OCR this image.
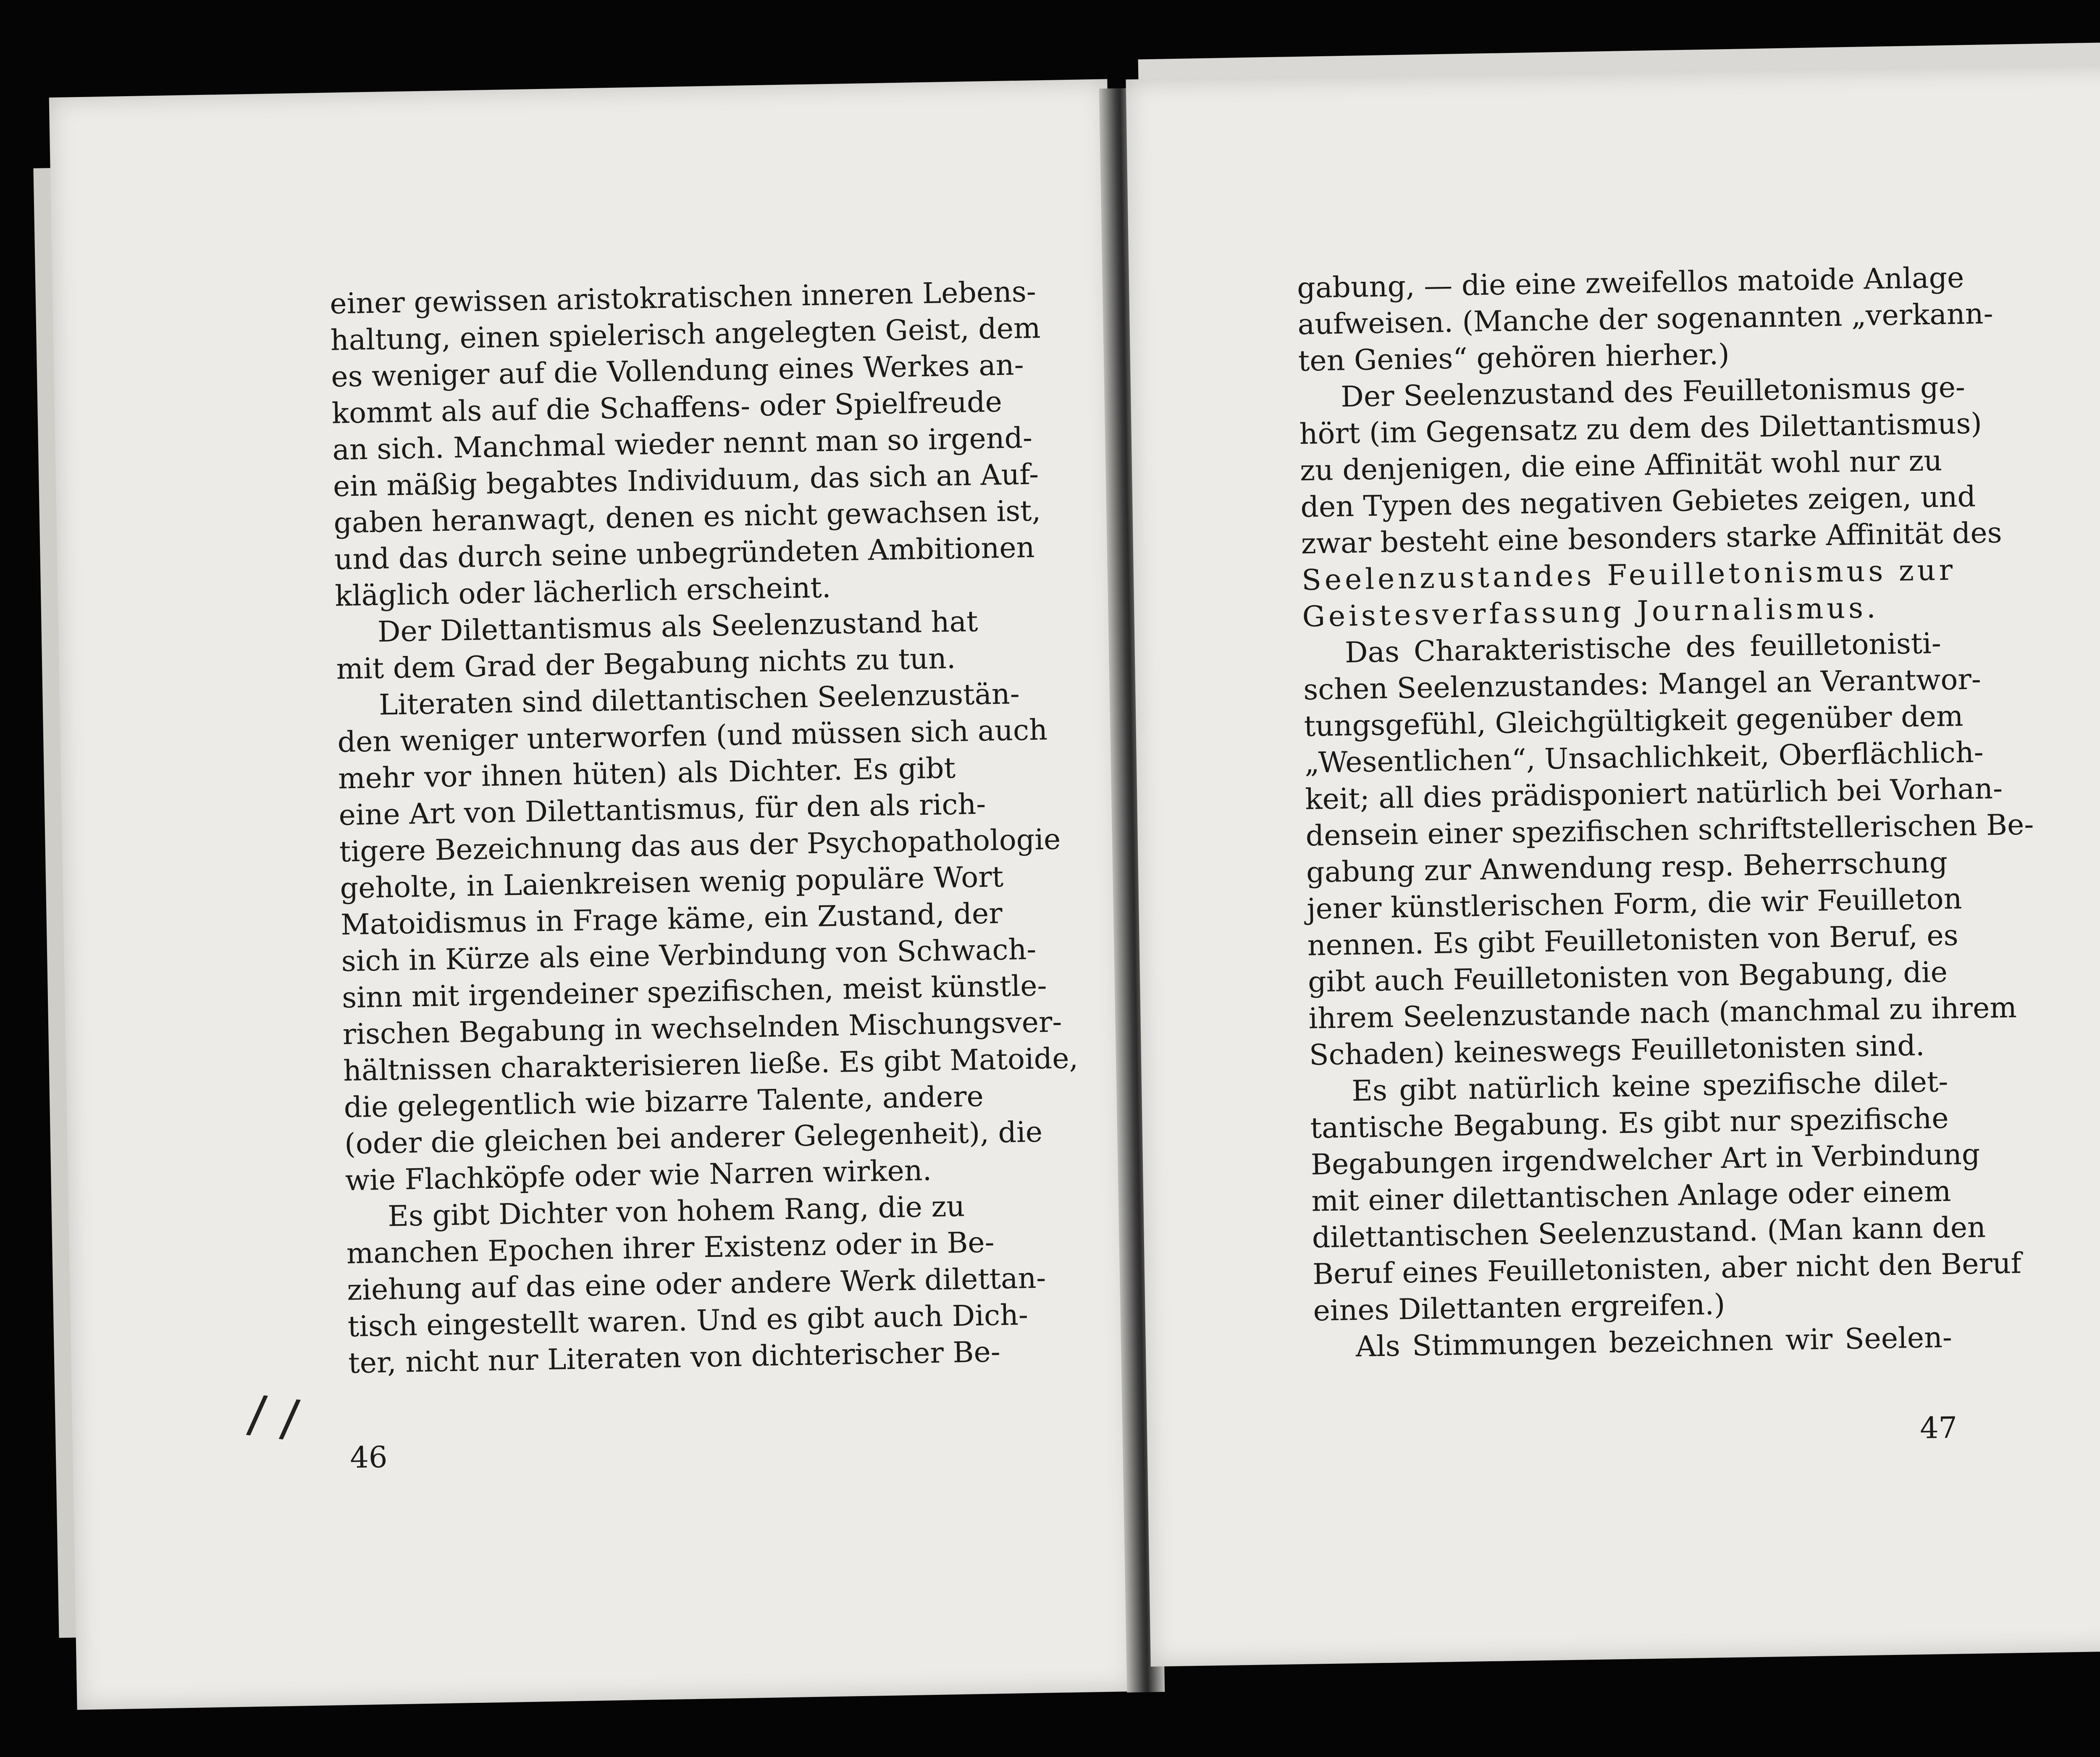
einer gewissen aristokratischen inneren Lebens-
haltung, einen spielerisch angelegten Geist, dem
es weniger auf die Vollendung eines Werkes an-
kommt als auf die Schaffens- oder Spielfreude
an sich. Manchmal wieder nennt man so irgend-
ein mäßig begabtes Individuum, das sich an Auf-
gaben heranwagt, denen es nicht gewachsen ist,
und das durch seine unbegründeten Ambitionen
kläglich oder lächerlich erscheint.
Der Dilettantismus als Seelenzustand hat
mit dem Grad der Begabung nichts zu tun.
Literaten sind dilettantischen Seelenzustän-
den weniger unterworfen (und müssen sich auch
mehr vor ihnen hüten) als Dichter. Es gibt
eine Art von Dilettantismus, für den als rich-
tigere Bezeichnung das aus der Psychopathologie
geholte, in Laienkreisen wenig populäre Wort
Matoidismus in Frage käme, ein Zustand, der
sich in Kürze als eine Verbindung von Schwach-
sinn mit irgendeiner spezifischen, meist künstle-
rischen Begabung in wechselnden Mischungsver-
hältnissen charakterisieren ließe. Es gibt Matoide,
die gelegentlich wie bizarre Talente, andere
(oder die gleichen bei anderer Gelegenheit), die
wie Flachköpfe oder wie Narren wirken.
Es gibt Dichter von hohem Rang, die zu
manchen Epochen ihrer Existenz oder in Be-
ziehung auf das eine oder andere Werk dilettan-
tisch eingestellt waren. Und es gibt auch Dich-
ter, nicht nur Literaten von dichterischer Be-
46
/ /
gabung, — die eine zweifellos matoide Anlage
aufweisen. (Manche der sogenannten „verkann-
ten Genies“ gehören hierher.)
Der Seelenzustand des Feuilletonismus ge-
hört (im Gegensatz zu dem des Dilettantismus)
zu denjenigen, die eine Affinität wohl nur zu
den Typen des negativen Gebietes zeigen, und
zwar besteht eine besonders starke Affinität des
Seelenzustandes Feuilletonismus zur
Geistesverfassung Journalismus.
Das Charakteristische des feuilletonisti-
schen Seelenzustandes: Mangel an Verantwor-
tungsgefühl, Gleichgültigkeit gegenüber dem
„Wesentlichen“, Unsachlichkeit, Oberflächlich-
keit; all dies prädisponiert natürlich bei Vorhan-
densein einer spezifischen schriftstellerischen Be-
gabung zur Anwendung resp. Beherrschung
jener künstlerischen Form, die wir Feuilleton
nennen. Es gibt Feuilletonisten von Beruf, es
gibt auch Feuilletonisten von Begabung, die
ihrem Seelenzustande nach (manchmal zu ihrem
Schaden) keineswegs Feuilletonisten sind.
Es gibt natürlich keine spezifische dilet-
tantische Begabung. Es gibt nur spezifische
Begabungen irgendwelcher Art in Verbindung
mit einer dilettantischen Anlage oder einem
dilettantischen Seelenzustand. (Man kann den
Beruf eines Feuilletonisten, aber nicht den Beruf
eines Dilettanten ergreifen.)
Als Stimmungen bezeichnen wir Seelen-
47
